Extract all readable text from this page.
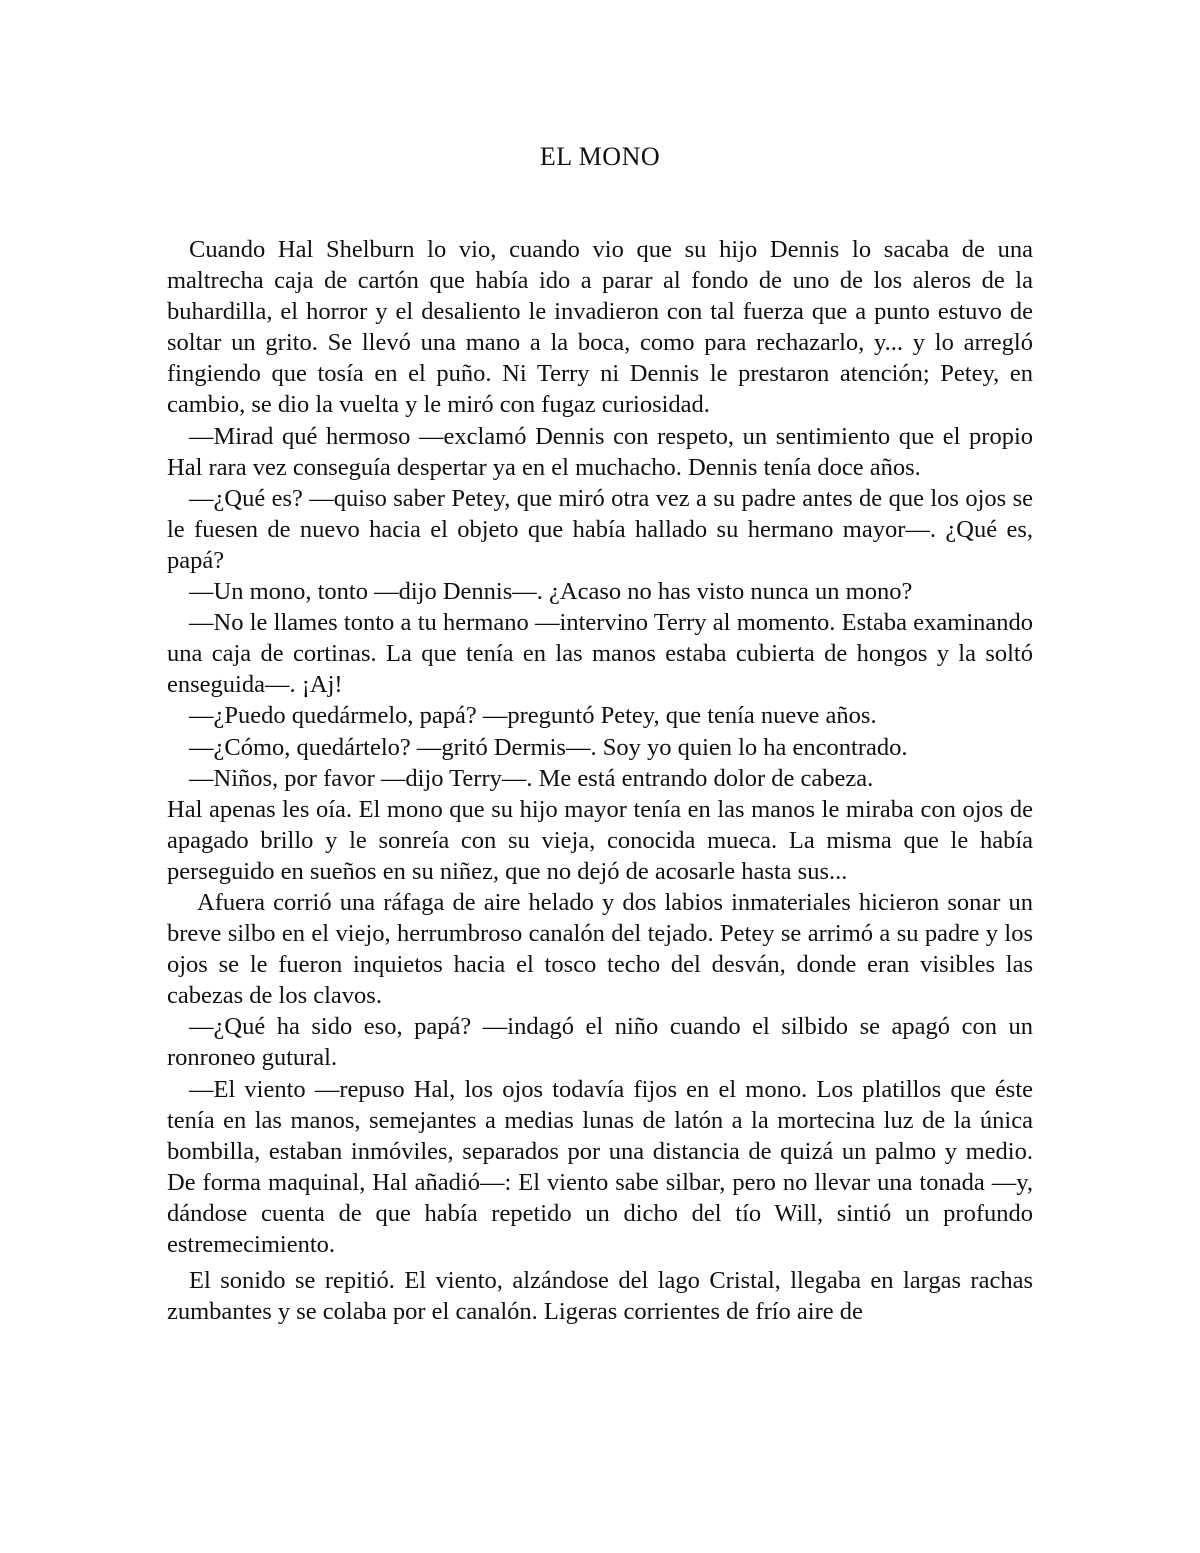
EL MONO

Cuando Hal Shelburn lo vio, cuando vio que su hijo Dennis lo sacaba de una maltrecha caja de cartón que había ido a parar al fondo de uno de los aleros de la buhardilla, el horror y el desaliento le invadieron con tal fuerza que a punto estuvo de soltar un grito. Se llevó una mano a la boca, como para rechazarlo, y... y lo arregló fingiendo que tosía en el puño. Ni Terry ni Dennis le prestaron atención; Petey, en cambio, se dio la vuelta y le miró con fugaz curiosidad.

—Mirad qué hermoso —exclamó Dennis con respeto, un sentimiento que el propio Hal rara vez conseguía despertar ya en el muchacho. Dennis tenía doce años.

—¿Qué es? —quiso saber Petey, que miró otra vez a su padre antes de que los ojos se le fuesen de nuevo hacia el objeto que había hallado su hermano mayor—. ¿Qué es, papá?

—Un mono, tonto —dijo Dennis—. ¿Acaso no has visto nunca un mono?

—No le llames tonto a tu hermano —intervino Terry al momento. Estaba examinando una caja de cortinas. La que tenía en las manos estaba cubierta de hongos y la soltó enseguida—. ¡Aj!

—¿Puedo quedármelo, papá? —preguntó Petey, que tenía nueve años.

—¿Cómo, quedártelo? —gritó Dermis—. Soy yo quien lo ha encontrado.

—Niños, por favor —dijo Terry—. Me está entrando dolor de cabeza.

Hal apenas les oía. El mono que su hijo mayor tenía en las manos le miraba con ojos de apagado brillo y le sonreía con su vieja, conocida mueca. La misma que le había perseguido en sueños en su niñez, que no dejó de acosarle hasta sus...

Afuera corrió una ráfaga de aire helado y dos labios inmateriales hicieron sonar un breve silbo en el viejo, herrumbroso canalón del tejado. Petey se arrimó a su padre y los ojos se le fueron inquietos hacia el tosco techo del desván, donde eran visibles las cabezas de los clavos.

—¿Qué ha sido eso, papá? —indagó el niño cuando el silbido se apagó con un ronroneo gutural.

—El viento —repuso Hal, los ojos todavía fijos en el mono. Los platillos que éste tenía en las manos, semejantes a medias lunas de latón a la mortecina luz de la única bombilla, estaban inmóviles, separados por una distancia de quizá un palmo y medio. De forma maquinal, Hal añadió—: El viento sabe silbar, pero no llevar una tonada —y, dándose cuenta de que había repetido un dicho del tío Will, sintió un profundo estremecimiento.

El sonido se repitió. El viento, alzándose del lago Cristal, llegaba en largas rachas zumbantes y se colaba por el canalón. Ligeras corrientes de frío aire de
